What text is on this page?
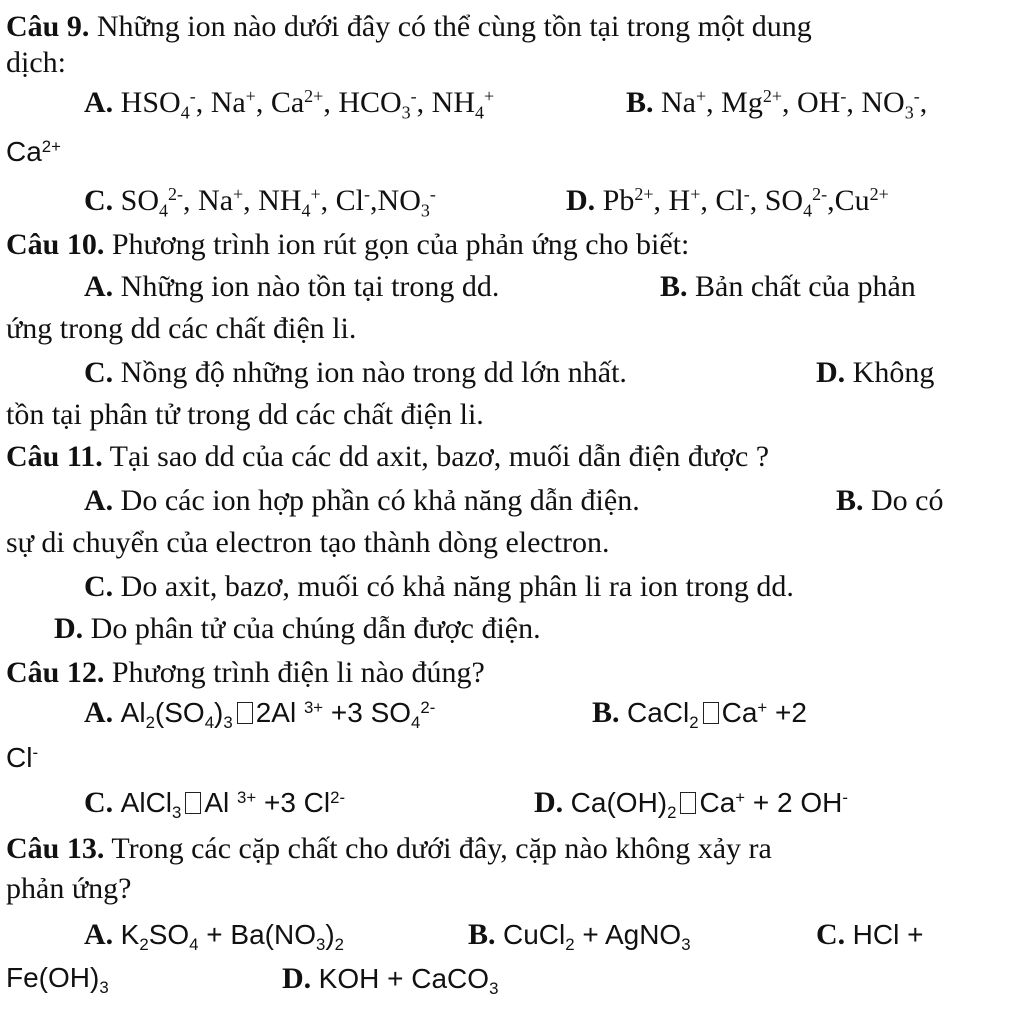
Câu 9. Những ion nào dưới đây có thể cùng tồn tại trong một dung
dịch:
A. $HSO_4^-$, Na+, $Ca^{2+}$, $HCO_3^-$, $NH_4^+$	B. Na+, $Mg^{2+}$, OH-, $NO_3^-$,
$Ca^{2+}$
C. $SO_4^{2-}$, Na+, $NH_4^+$, $Cl^-,NO_3^-$	D. $Pb^{2+}$, H+, Cl-, $SO_4^{2-},Cu^{2+}$
Câu 10. Phương trình ion rút gọn của phản ứng cho biết:
A. Những ion nào tồn tại trong dd.	B. Bản chất của phản
ứng trong dd các chất điện li.
C. Nồng độ những ion nào trong dd lớn nhất.	D. Không
tồn tại phân tử trong dd các chất điện li.
Câu 11. Tại sao dd của các dd axit, bazơ, muối dẫn điện được ?
A. Do các ion hợp phần có khả năng dẫn điện.	B. Do có
sự di chuyển của electron tạo thành dòng electron.
C. Do axit, bazơ, muối có khả năng phân li ra ion trong dd.
D. Do phân tử của chúng dẫn được điện.
Câu 12. Phương trình điện li nào đúng?
A. $Al_2(SO_4)_3$ 2Al $^{3+}$ +3 $SO_4^{2-}$	B. CaCl$_2$ Ca+ +2
Cl-
C. AlCl$_3$ Al $^{3+}$ +3 $Cl^{2-}$	D. $Ca(OH)_2$ Ca+ + 2 OH-
Câu 13. Trong các cặp chất cho dưới đây, cặp nào không xảy ra
phản ứng?
A. $K_2SO_4 + Ba(NO_3)_2$	B. CuCl$_2$ + AgNO$_3$	C. HCl +
$Fe(OH)_3$	D. KOH + CaCO$_3$
